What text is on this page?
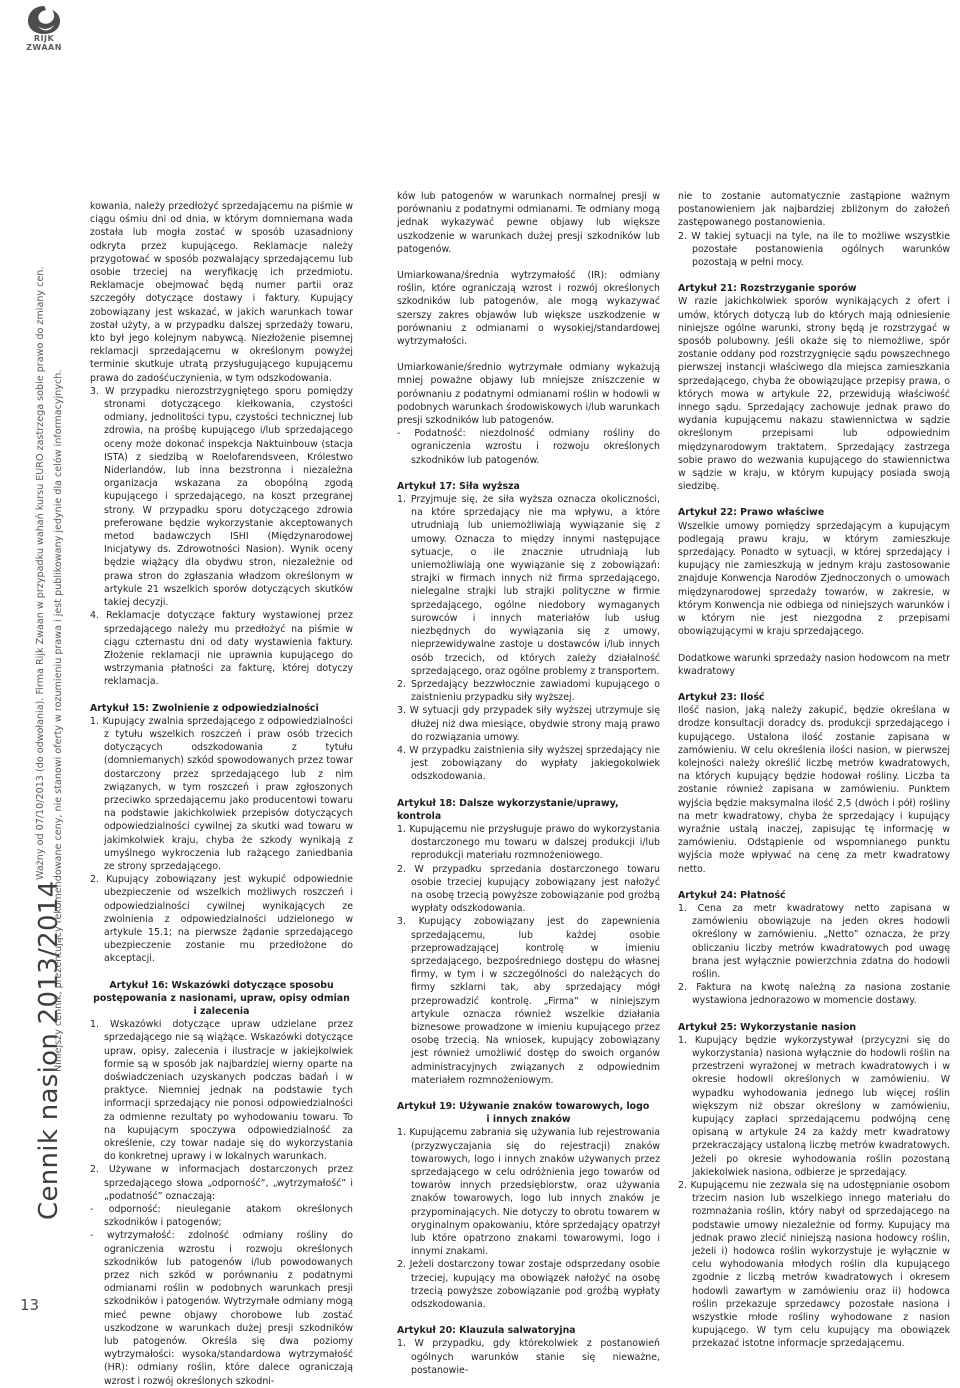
RIJK ZWAAN
Cennik nasion 2013/2014
Ważny od 07/10/2013 (do odwołania). Firma Rijk Zwaan w przypadku wahań kursu EURO zastrzega sobie prawo do zmiany cen. Niniejszy cennik, prezentujący rekomendowane ceny, nie stanowi oferty w rozumieniu prawa i jest publikowany jedynie dla celów informacyjnych.
13

kowania, należy przedłożyć sprzedającemu na piśmie w ciągu ośmiu dni od dnia, w którym domniemana wada została lub mogła zostać w sposób uzasadniony odkryta przez kupującego. Reklamacje należy przygotować w sposób pozwalający sprzedającemu lub osobie trzeciej na weryfikację ich przedmiotu. Reklamacje obejmować będą numer partii oraz szczegóły dotyczące dostawy i faktury. Kupujący zobowiązany jest wskazać, w jakich warunkach towar został użyty, a w przypadku dalszej sprzedaży towaru, kto był jego kolejnym nabywcą. Niezłożenie pisemnej reklamacji sprzedającemu w określonym powyżej terminie skutkuje utratą przysługującego kupującemu prawa do zadośćuczynienia, w tym odszkodowania.

3. W przypadku nierozstrzygniętego sporu pomiędzy stronami dotyczącego kiełkowania, czystości odmiany, jednolitości typu, czystości technicznej lub zdrowia, na prośbę kupującego i/lub sprzedającego oceny może dokonać inspekcja Naktuinbouw (stacja ISTA) z siedzibą w Roelofarendsveen, Królestwo Niderlandów, lub inna bezstronna i niezależna organizacja wskazana za obopólną zgodą kupującego i sprzedającego, na koszt przegranej strony. W przypadku sporu dotyczącego zdrowia preferowane będzie wykorzystanie akceptowanych metod badawczych ISHI (Międzynarodowej Inicjatywy ds. Zdrowotności Nasion). Wynik oceny będzie wiążący dla obydwu stron, niezależnie od prawa stron do zgłaszania władzom określonym w artykule 21 wszelkich sporów dotyczących skutków takiej decyzji.

4. Reklamacje dotyczące faktury wystawionej przez sprzedającego należy mu przedłożyć na piśmie w ciągu czternastu dni od daty wystawienia faktury. Złożenie reklamacji nie uprawnia kupującego do wstrzymania płatności za fakturę, której dotyczy reklamacja.

Artykuł 15: Zwolnienie z odpowiedzialności

1. Kupujący zwalnia sprzedającego z odpowiedzialności z tytułu wszelkich roszczeń i praw osób trzecich dotyczących odszkodowania z tytułu (domniemanych) szkód spowodowanych przez towar dostarczony przez sprzedającego lub z nim związanych, w tym roszczeń i praw zgłoszonych przeciwko sprzedającemu jako producentowi towaru na podstawie jakichkolwiek przepisów dotyczących odpowiedzialności cywilnej za skutki wad towaru w jakimkolwiek kraju, chyba że szkody wynikają z umyślnego wykroczenia lub rażącego zaniedbania ze strony sprzedającego.

2. Kupujący zobowiązany jest wykupić odpowiednie ubezpieczenie od wszelkich możliwych roszczeń i odpowiedzialności cywilnej wynikających ze zwolnienia z odpowiedzialności udzielonego w artykule 15.1; na pierwsze żądanie sprzedającego ubezpieczenie zostanie mu przedłożone do akceptacji.

Artykuł 16: Wskazówki dotyczące sposobu postępowania z nasionami, upraw, opisy odmian i zalecenia

1. Wskazówki dotyczące upraw udzielane przez sprzedającego nie są wiążące. Wskazówki dotyczące upraw, opisy, zalecenia i ilustracje w jakiejkolwiek formie są w sposób jak najbardziej wierny oparte na doświadczeniach uzyskanych podczas badań i w praktyce. Niemniej jednak na podstawie tych informacji sprzedający nie ponosi odpowiedzialności za odmienne rezultaty po wyhodowaniu towaru. To na kupującym spoczywa odpowiedzialność za określenie, czy towar nadaje się do wykorzystania do konkretnej uprawy i w lokalnych warunkach.

2. Używane w informacjach dostarczonych przez sprzedającego słowa „odporność”, „wytrzymałość” i „podatność” oznaczają:

- odporność: nieuleganie atakom określonych szkodników i patogenów;

- wytrzymałość: zdolność odmiany rośliny do ograniczenia wzrostu i rozwoju określonych szkodników lub patogenów i/lub powodowanych przez nich szkód w porównaniu z podatnymi odmianami roślin w podobnych warunkach presji szkodników i patogenów. Wytrzymałe odmiany mogą mieć pewne objawy chorobowe lub zostać uszkodzone w warunkach dużej presji szkodników lub patogenów. Określa się dwa poziomy wytrzymałości: wysoka/standardowa wytrzymałość (HR): odmiany roślin, które dalece ograniczają wzrost i rozwój określonych szkodni-

ków lub patogenów w warunkach normalnej presji w porównaniu z podatnymi odmianami. Te odmiany mogą jednak wykazywać pewne objawy lub większe uszkodzenie w warunkach dużej presji szkodników lub patogenów.

Umiarkowana/średnia wytrzymałość (IR): odmiany roślin, które ograniczają wzrost i rozwój określonych szkodników lub patogenów, ale mogą wykazywać szerszy zakres objawów lub większe uszkodzenie w porównaniu z odmianami o wysokiej/standardowej wytrzymałości.

Umiarkowanie/średnio wytrzymałe odmiany wykazują mniej poważne objawy lub mniejsze zniszczenie w porównaniu z podatnymi odmianami roślin w hodowli w podobnych warunkach środowiskowych i/lub warunkach presji szkodników lub patogenów.

- Podatność: niezdolność odmiany rośliny do ograniczenia wzrostu i rozwoju określonych szkodników lub patogenów.

Artykuł 17: Siła wyższa

1. Przyjmuje się, że siła wyższa oznacza okoliczności, na które sprzedający nie ma wpływu, a które utrudniają lub uniemożliwiają wywiązanie się z umowy. Oznacza to między innymi następujące sytuacje, o ile znacznie utrudniają lub uniemożliwiają one wywiązanie się z zobowiązań: strajki w firmach innych niż firma sprzedającego, nielegalne strajki lub strajki polityczne w firmie sprzedającego, ogólne niedobory wymaganych surowców i innych materiałów lub usług niezbędnych do wywiązania się z umowy, nieprzewidywalne zastoje u dostawców i/lub innych osób trzecich, od których zależy działalność sprzedającego, oraz ogólne problemy z transportem.

2. Sprzedający bezzwłocznie zawiadomi kupującego o zaistnieniu przypadku siły wyższej.

3. W sytuacji gdy przypadek siły wyższej utrzymuje się dłużej niż dwa miesiące, obydwie strony mają prawo do rozwiązania umowy.

4. W przypadku zaistnienia siły wyższej sprzedający nie jest zobowiązany do wypłaty jakiegokolwiek odszkodowania.

Artykuł 18: Dalsze wykorzystanie/uprawy, kontrola

1. Kupującemu nie przysługuje prawo do wykorzystania dostarczonego mu towaru w dalszej produkcji i/lub reprodukcji materiału rozmnożeniowego.

2. W przypadku sprzedania dostarczonego towaru osobie trzeciej kupujący zobowiązany jest nałożyć na osobę trzecią powyższe zobowiązanie pod groźbą wypłaty odszkodowania.

3. Kupujący zobowiązany jest do zapewnienia sprzedającemu, lub każdej osobie przeprowadzającej kontrolę w imieniu sprzedającego, bezpośredniego dostępu do własnej firmy, w tym i w szczególności do należących do firmy szklarni tak, aby sprzedający mógł przeprowadzić kontrolę. „Firma” w niniejszym artykule oznacza również wszelkie działania biznesowe prowadzone w imieniu kupującego przez osobę trzecią. Na wniosek, kupujący zobowiązany jest również umożliwić dostęp do swoich organów administracyjnych związanych z odpowiednim materiałem rozmnożeniowym.

Artykuł 19: Używanie znaków towarowych, logo

i innych znaków

1. Kupującemu zabrania się używania lub rejestrowania (przyzwyczajania się do rejestracji) znaków towarowych, logo i innych znaków używanych przez sprzedającego w celu odróżnienia jego towarów od towarów innych przedsiębiorstw, oraz używania znaków towarowych, logo lub innych znaków je przypominających. Nie dotyczy to obrotu towarem w oryginalnym opakowaniu, które sprzedający opatrzył lub które opatrzono znakami towarowymi, logo i innymi znakami.

2. Jeżeli dostarczony towar zostaje odsprzedany osobie trzeciej, kupujący ma obowiązek nałożyć na osobę trzecią powyższe zobowiązanie pod groźbą wypłaty odszkodowania.

Artykuł 20: Klauzula salwatoryjna

1. W przypadku, gdy którekolwiek z postanowień ogólnych warunków stanie się nieważne, postanowie-

nie to zostanie automatycznie zastąpione ważnym postanowieniem jak najbardziej zbliżonym do założeń zastępowanego postanowienia.

2. W takiej sytuacji na tyle, na ile to możliwe wszystkie pozostałe postanowienia ogólnych warunków pozostają w pełni mocy.

Artykuł 21: Rozstrzyganie sporów

W razie jakichkolwiek sporów wynikających z ofert i umów, których dotyczą lub do których mają odniesienie niniejsze ogólne warunki, strony będą je rozstrzygać w sposób polubowny. Jeśli okaże się to niemożliwe, spór zostanie oddany pod rozstrzygnięcie sądu powszechnego pierwszej instancji właściwego dla miejsca zamieszkania sprzedającego, chyba że obowiązujące przepisy prawa, o których mowa w artykule 22, przewidują właściwość innego sądu. Sprzedający zachowuje jednak prawo do wydania kupującemu nakazu stawiennictwa w sądzie określonym przepisami lub odpowiednim międzynarodowym traktatem. Sprzedający zastrzega sobie prawo do wezwania kupującego do stawiennictwa w sądzie w kraju, w którym kupujący posiada swoją siedzibę.

Artykuł 22: Prawo właściwe

Wszelkie umowy pomiędzy sprzedającym a kupującym podlegają prawu kraju, w którym zamieszkuje sprzedający. Ponadto w sytuacji, w której sprzedający i kupujący nie zamieszkują w jednym kraju zastosowanie znajduje Konwencja Narodów Zjednoczonych o umowach międzynarodowej sprzedaży towarów, w zakresie, w którym Konwencja nie odbiega od niniejszych warunków i w którym nie jest niezgodna z przepisami obowiązującymi w kraju sprzedającego.

Dodatkowe warunki sprzedaży nasion hodowcom na metr kwadratowy

Artykuł 23: Ilość

Ilość nasion, jaką należy zakupić, będzie określana w drodze konsultacji doradcy ds. produkcji sprzedającego i kupującego. Ustalona ilość zostanie zapisana w zamówieniu. W celu określenia ilości nasion, w pierwszej kolejności należy określić liczbę metrów kwadratowych, na których kupujący będzie hodował rośliny. Liczba ta zostanie również zapisana w zamówieniu. Punktem wyjścia będzie maksymalna ilość 2,5 (dwóch i pół) rośliny na metr kwadratowy, chyba że sprzedający i kupujący wyraźnie ustalą inaczej, zapisując tę informację w zamówieniu. Odstąpienie od wspomnianego punktu wyjścia może wpływać na cenę za metr kwadratowy netto.

Artykuł 24: Płatność

1. Cena za metr kwadratowy netto zapisana w zamówieniu obowiązuje na jeden okres hodowli określony w zamówieniu. „Netto” oznacza, że przy obliczaniu liczby metrów kwadratowych pod uwagę brana jest wyłącznie powierzchnia zdatna do hodowli roślin.

2. Faktura na kwotę należną za nasiona zostanie wystawiona jednorazowo w momencie dostawy.

Artykuł 25: Wykorzystanie nasion

1. Kupujący będzie wykorzystywał (przycyzni się do wykorzystania) nasiona wyłącznie do hodowli roślin na przestrzeni wyrażonej w metrach kwadratowych i w okresie hodowli określonych w zamówieniu. W wypadku wyhodowania jednego lub więcej roślin większym niż obszar określony w zamówieniu, kupujący zapłaci sprzedającemu podwójną cenę opisaną w artykule 24 za każdy metr kwadratowy przekraczający ustaloną liczbę metrów kwadratowych. Jeżeli po okresie wyhodowania roślin pozostaną jakiekolwiek nasiona, odbierze je sprzedający.

2. Kupującemu nie zezwala się na udostępnianie osobom trzecim nasion lub wszelkiego innego materiału do rozmnażania roślin, który nabył od sprzedającego na podstawie umowy niezależnie od formy. Kupujący ma jednak prawo zlecić niniejszą nasiona hodowcy roślin, jeżeli i) hodowca roślin wykorzystuje je wyłącznie w celu wyhodowania młodych roślin dla kupującego zgodnie z liczbą metrów kwadratowych i okresem hodowli zawartym w zamówieniu oraz ii) hodowca roślin przekazuje sprzedawcy pozostałe nasiona i wszystkie młode rośliny wyhodowane z nasion kupującego. W tym celu kupujący ma obowiązek przekazać istotne informacje sprzedającemu.
